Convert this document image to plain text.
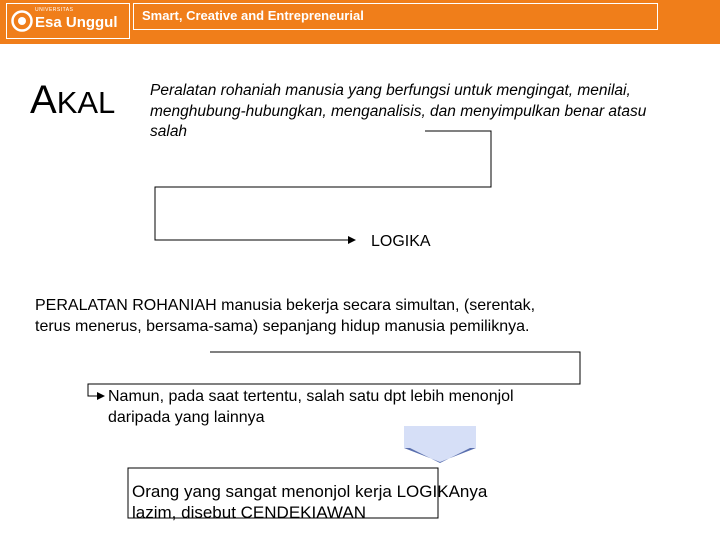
UNIVERSITAS
Esa Unggul Smart, Creative and Entrepreneurial
AKAL Peralatan rohaniah manusia yang berfungsi untuk mengingat, menilai, menghubung-hubungkan, menganalisis, dan menyimpulkan benar atasu salah
LOGIKA
PERALATAN ROHANIAH manusia bekerja secara simultan, (serentak, terus menerus, bersama-sama) sepanjang hidup manusia pemiliknya.
Namun, pada saat tertentu, salah satu dpt lebih menonjol daripada yang lainnya
Orang yang sangat menonjol kerja LOGIKAnya
lazim, disebut CENDEKIAWAN
